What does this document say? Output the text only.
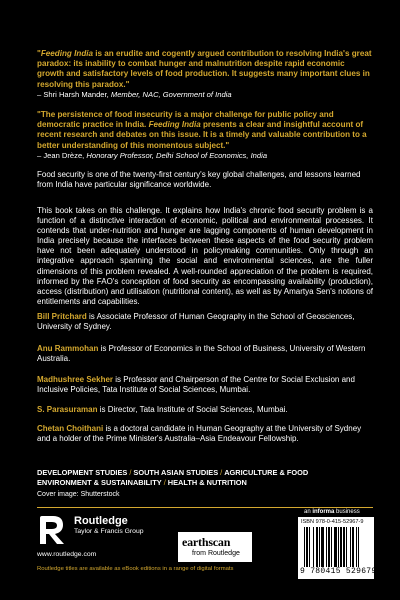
"Feeding India is an erudite and cogently argued contribution to resolving India's great paradox: its inability to combat hunger and malnutrition despite rapid economic growth and satisfactory levels of food production. It suggests many important clues in resolving this paradox."
– Shri Harsh Mander, Member, NAC, Government of India
"The persistence of food insecurity is a major challenge for public policy and democratic practice in India. Feeding India presents a clear and insightful account of recent research and debates on this issue. It is a timely and valuable contribution to a better understanding of this momentous subject."
– Jean Drèze, Honorary Professor, Delhi School of Economics, India
Food security is one of the twenty-first century's key global challenges, and lessons learned from India have particular significance worldwide.
This book takes on this challenge. It explains how India's chronic food security problem is a function of a distinctive interaction of economic, political and environmental processes. It contends that under-nutrition and hunger are lagging components of human development in India precisely because the interfaces between these aspects of the food security problem have not been adequately understood in policymaking communities. Only through an integrative approach spanning the social and environmental sciences, are the fuller dimensions of this problem revealed. A well-rounded appreciation of the problem is required, informed by the FAO's conception of food security as encompassing availability (production), access (distribution) and utilisation (nutritional content), as well as by Amartya Sen's notions of entitlements and capabilities.
Bill Pritchard is Associate Professor of Human Geography in the School of Geosciences, University of Sydney.
Anu Rammohan is Professor of Economics in the School of Business, University of Western Australia.
Madhushree Sekher is Professor and Chairperson of the Centre for Social Exclusion and Inclusive Policies, Tata Institute of Social Sciences, Mumbai.
S. Parasuraman is Director, Tata Institute of Social Sciences, Mumbai.
Chetan Choithani is a doctoral candidate in Human Geography at the University of Sydney and a holder of the Prime Minister's Australia–Asia Endeavour Fellowship.
DEVELOPMENT STUDIES / SOUTH ASIAN STUDIES / AGRICULTURE & FOOD
ENVIRONMENT & SUSTAINABILITY / HEALTH & NUTRITION
Cover image: Shutterstock
Routledge
Taylor & Francis Group
www.routledge.com
Routledge titles are available as eBook editions in a range of digital formats
earthscan
from Routledge
an informa business
ISBN 978-0-415-52967-9
9 780415 529679
